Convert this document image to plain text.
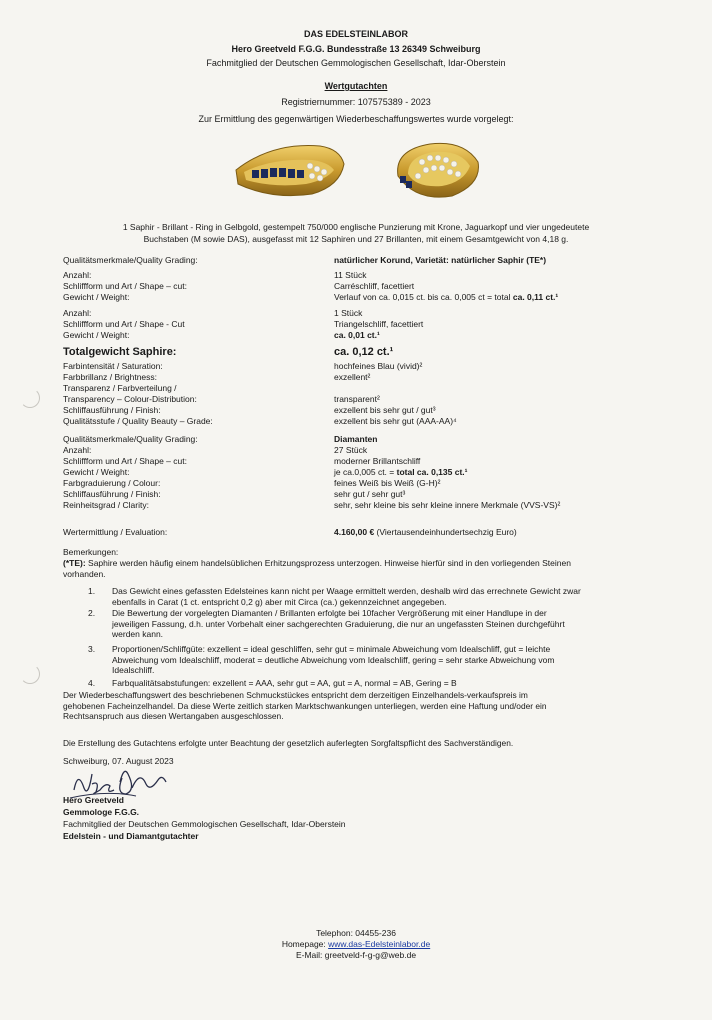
DAS EDELSTEINLABOR
Hero Greetveld F.G.G. Bundesstraße 13 26349 Schweiburg
Fachmitglied der Deutschen Gemmologischen Gesellschaft, Idar-Oberstein
Wertgutachten
Registriernummer: 107575389 - 2023
Zur Ermittlung des gegenwärtigen Wiederbeschaffungswertes wurde vorgelegt:
1 Saphir - Brillant - Ring in Gelbgold, gestempelt 750/000 englische Punzierung mit Krone, Jaguarkopf und vier ungedeutete
Buchstaben (M sowie DAS), ausgefasst mit 12 Saphiren und 27 Brillanten, mit einem Gesamtgewicht von 4,18 g.
Qualitätsmerkmale/Quality Grading:	natürlicher Korund, Varietät: natürlicher Saphir (TE*)
Anzahl:	11 Stück
Schliffform und Art / Shape – cut:	Carréschliff, facettiert
Gewicht / Weight:	Verlauf von ca. 0,015 ct. bis ca. 0,005 ct = total ca. 0,11 ct.¹
Anzahl:	1 Stück
Schliffform und Art / Shape - Cut	Triangelschliff, facettiert
Gewicht / Weight:	ca. 0,01 ct.¹
Totalgewicht Saphire:	ca. 0,12 ct.¹
Farbintensität / Saturation:	hochfeines Blau (vivid)²
Farbbrillanz / Brightness:	exzellent²
Transparenz / Farbverteilung /
Transparency – Colour-Distribution:	transparent²
Schliffausführung / Finish:	exzellent bis sehr gut / gut³
Qualitätsstufe / Quality Beauty – Grade:	exzellent bis sehr gut (AAA-AA)⁴
Qualitätsmerkmale/Quality Grading:	Diamanten
Anzahl:	27 Stück
Schliffform und Art / Shape – cut:	moderner Brillantschliff
Gewicht / Weight:	je ca.0,005 ct. = total ca. 0,135 ct.¹
Farbgraduierung / Colour:	feines Weiß bis Weiß (G-H)²
Schliffausführung / Finish:	sehr gut / sehr gut³
Reinheitsgrad / Clarity:	sehr, sehr kleine bis sehr kleine innere Merkmale (VVS-VS)²
Wertermittlung / Evaluation:	4.160,00 € (Viertausendeinhundertsechzig Euro)
Bemerkungen:
(*TE): Saphire werden häufig einem handelsüblichen Erhitzungsprozess unterzogen. Hinweise hierfür sind in den vorliegenden Steinen
vorhanden.
1. Das Gewicht eines gefassten Edelsteines kann nicht per Waage ermittelt werden, deshalb wird das errechnete Gewicht zwar
ebenfalls in Carat (1 ct. entspricht 0,2 g) aber mit Circa (ca.) gekennzeichnet angegeben.
2. Die Bewertung der vorgelegten Diamanten / Brillanten erfolgte bei 10facher Vergrößerung mit einer Handlupe in der
jeweiligen Fassung, d.h. unter Vorbehalt einer sachgerechten Graduierung, die nur an ungefassten Steinen durchgeführt
werden kann.
3. Proportionen/Schliffgüte: exzellent = ideal geschliffen, sehr gut = minimale Abweichung vom Idealschliff, gut = leichte
Abweichung vom Idealschliff, moderat = deutliche Abweichung vom Idealschliff, gering = sehr starke Abweichung vom
Idealschliff.
4. Farbqualitätsabstufungen: exzellent = AAA, sehr gut = AA, gut = A, normal = AB, Gering = B
Der Wiederbeschaffungswert des beschriebenen Schmuckstückes entspricht dem derzeitigen Einzelhandels-verkaufspreis im
gehobenen Facheinzelhandel. Da diese Werte zeitlich starken Marktschwankungen unterliegen, werden eine Haftung und/oder ein
Rechtsanspruch aus diesen Wertangaben ausgeschlossen.
Die Erstellung des Gutachtens erfolgte unter Beachtung der gesetzlich auferlegten Sorgfaltspflicht des Sachverständigen.
Schweiburg, 07. August 2023
Hero Greetveld
Gemmologe F.G.G.
Fachmitglied der Deutschen Gemmologischen Gesellschaft, Idar-Oberstein
Edelstein - und Diamantgutachter
Telephon: 04455-236
Homepage: www.das-Edelsteinlabor.de
E-Mail: greetveld-f-g-g@web.de
